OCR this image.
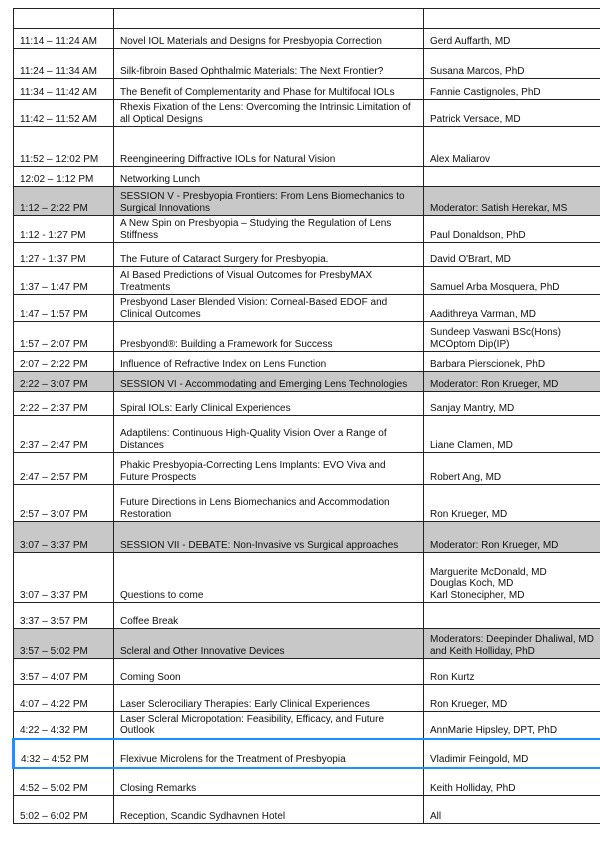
11:14 – 11:24 AM	Novel IOL Materials and Designs for Presbyopia Correction	Gerd Auffarth, MD
11:24 – 11:34 AM	Silk-fibroin Based Ophthalmic Materials: The Next Frontier?	Susana Marcos, PhD
11:34 – 11:42 AM	The Benefit of Complementarity and Phase for Multifocal IOLs	Fannie Castignoles, PhD
11:42 – 11:52 AM	Rhexis Fixation of the Lens: Overcoming the Intrinsic Limitation of all Optical Designs	Patrick Versace, MD
11:52 – 12:02 PM	Reengineering Diffractive IOLs for Natural Vision	Alex Maliarov
12:02 – 1:12 PM	Networking Lunch	
1:12 – 2:22 PM	SESSION V - Presbyopia Frontiers: From Lens Biomechanics to Surgical Innovations	Moderator: Satish Herekar, MS
1:12 - 1:27 PM	A New Spin on Presbyopia – Studying the Regulation of Lens Stiffness	Paul Donaldson, PhD
1:27 - 1:37 PM	The Future of Cataract Surgery for Presbyopia.	David O'Brart, MD
1:37 – 1:47 PM	AI Based Predictions of Visual Outcomes for PresbyMAX Treatments	Samuel Arba Mosquera, PhD
1:47 – 1:57 PM	Presbyond Laser Blended Vision: Corneal-Based EDOF and Clinical Outcomes	Aadithreya Varman, MD
1:57 – 2:07 PM	Presbyond®: Building a Framework for Success	Sundeep Vaswani BSc(Hons) MCOptom Dip(IP)
2:07 – 2:22 PM	Influence of Refractive Index on Lens Function	Barbara Pierscionek, PhD
2:22 – 3:07 PM	SESSION VI - Accommodating and Emerging Lens Technologies	Moderator: Ron Krueger, MD
2:22 – 2:37 PM	Spiral IOLs: Early Clinical Experiences	Sanjay Mantry, MD
2:37 – 2:47 PM	Adaptilens: Continuous High-Quality Vision Over a Range of Distances	Liane Clamen, MD
2:47 – 2:57 PM	Phakic Presbyopia-Correcting Lens Implants: EVO Viva and Future Prospects	Robert Ang, MD
2:57 – 3:07 PM	Future Directions in Lens Biomechanics and Accommodation Restoration	Ron Krueger, MD
3:07 – 3:37 PM	SESSION VII - DEBATE: Non-Invasive vs Surgical approaches	Moderator: Ron Krueger, MD
3:07 – 3:37 PM	Questions to come	Marguerite McDonald, MD
Douglas Koch, MD
Karl Stonecipher, MD
3:37 – 3:57 PM	Coffee Break	
3:57 – 5:02 PM	Scleral and Other Innovative Devices	Moderators: Deepinder Dhaliwal, MD and Keith Holliday, PhD
3:57 – 4:07 PM	Coming Soon	Ron Kurtz
4:07 – 4:22 PM	Laser Sclerociliary Therapies: Early Clinical Experiences	Ron Krueger, MD
4:22 – 4:32 PM	Laser Scleral Micropotation: Feasibility, Efficacy, and Future Outlook	AnnMarie Hipsley, DPT, PhD
4:32 – 4:52 PM	Flexivue Microlens for the Treatment of Presbyopia	Vladimir Feingold, MD
4:52 – 5:02 PM	Closing Remarks	Keith Holliday, PhD
5:02 – 6:02 PM	Reception, Scandic Sydhavnen Hotel	All
